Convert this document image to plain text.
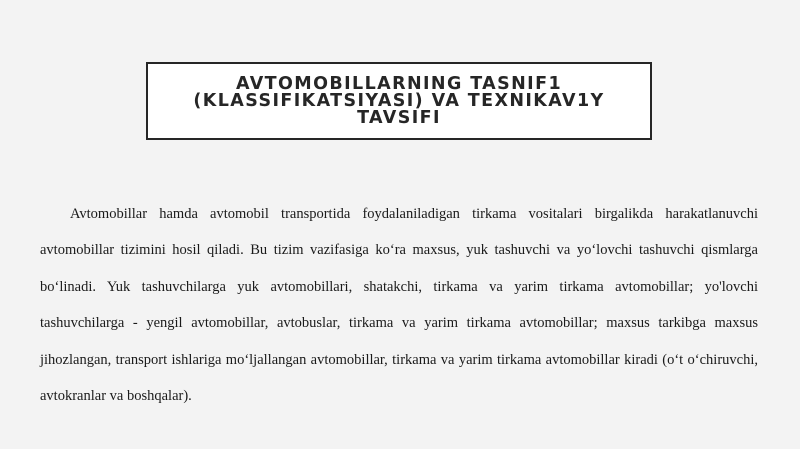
AVTOMOBILLARNING TASNIF1 (KLASSIFIKATSIYASI) VA TEXNIKAV1Y TAVSIFI

Avtomobillar hamda avtomobil transportida foydalaniladigan tirkama vositalari birgalikda harakatlanuvchi avtomobillar tizimini hosil qiladi. Bu tizim vazifasiga ko‘ra maxsus, yuk tashuvchi va yo‘lovchi tashuvchi qismlarga bo‘linadi. Yuk tashuvchilarga yuk avtomobillari, shatakchi, tirkama va yarim tirkama avtomobillar; yo'lovchi tashuvchilarga - yengil avtomobillar, avtobuslar, tirkama va yarim tirkama avtomobillar; maxsus tarkibga maxsus jihozlangan, transport ishlariga mo‘ljallangan avtomobillar, tirkama va yarim tirkama avtomobillar kiradi (o‘t o‘chiruvchi, avtokranlar va boshqalar).
